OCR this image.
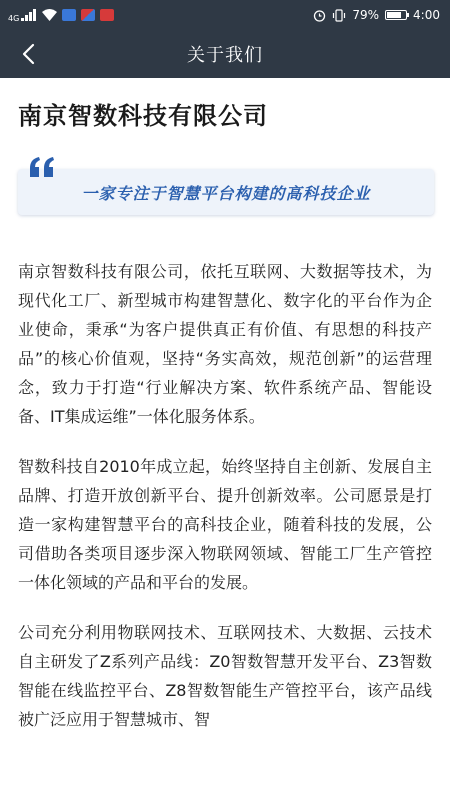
4G	79%	4:00
关于我们
南京智数科技有限公司
一家专注于智慧平台构建的高科技企业

南京智数科技有限公司，依托互联网、大数据等技术，为现代化工厂、新型城市构建智慧化、数字化的平台作为企业使命，秉承“为客户提供真正有价值、有思想的科技产品”的核心价值观，坚持“务实高效，规范创新”的运营理念，致力于打造“行业解决方案、软件系统产品、智能设备、IT集成运维”一体化服务体系。

智数科技自2010年成立起，始终坚持自主创新、发展自主品牌、打造开放创新平台、提升创新效率。公司愿景是打造一家构建智慧平台的高科技企业，随着科技的发展，公司借助各类项目逐步深入物联网领域、智能工厂生产管控一体化领域的产品和平台的发展。

公司充分利用物联网技术、互联网技术、大数据、云技术自主研发了Z系列产品线：Z0智数智慧开发平台、Z3智数智能在线监控平台、Z8智数智能生产管控平台，该产品线被广泛应用于智慧城市、智
